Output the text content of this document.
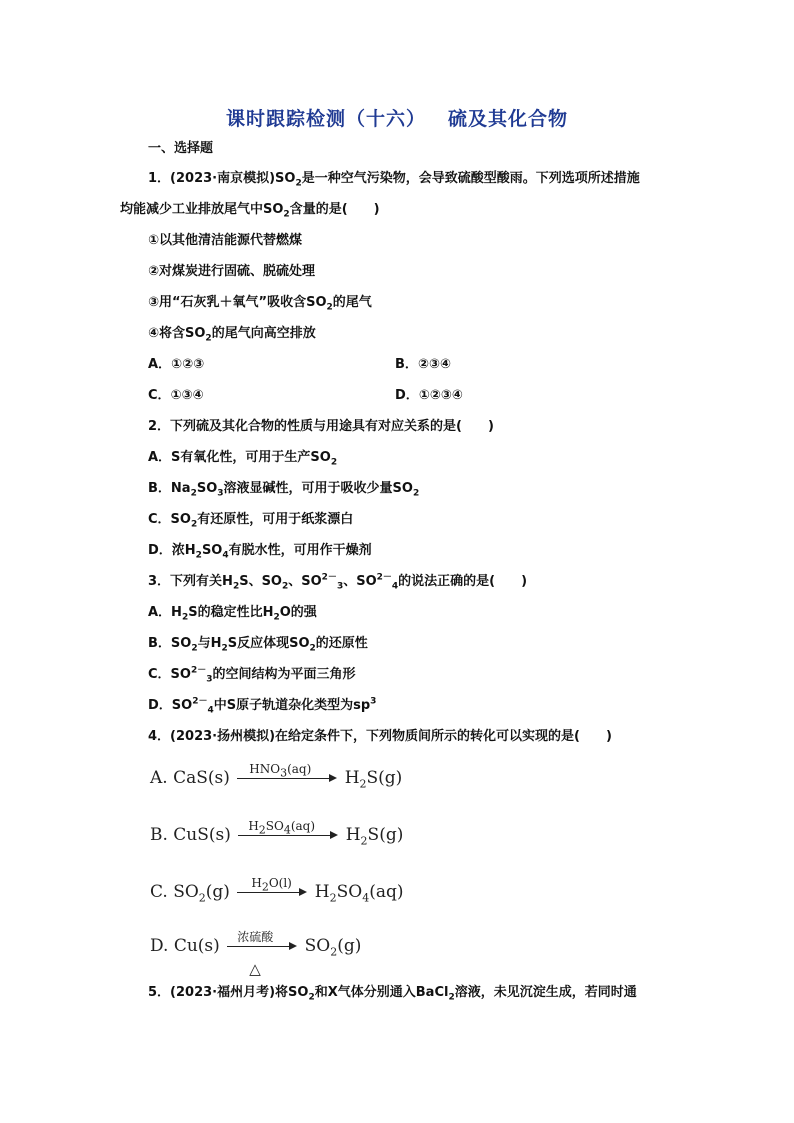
课时跟踪检测（十六） 硫及其化合物
一、选择题
1．(2023·南京模拟)$SO_2$是一种空气污染物，会导致硫酸型酸雨。下列选项所述措施
均能减少工业排放尾气中$SO_2$含量的是(　　)
①以其他清洁能源代替燃煤
②对煤炭进行固硫、脱硫处理
③用“石灰乳＋氧气”吸收含$SO_2$的尾气
④将含$SO_2$的尾气向高空排放
A．①②③	B．②③④
C．①③④	D．①②③④
2．下列硫及其化合物的性质与用途具有对应关系的是(　　)
A．S有氧化性，可用于生产$SO_2$
B．$Na_2SO_3$溶液显碱性，可用于吸收少量$SO_2$
C．$SO_2$有还原性，可用于纸浆漂白
D．浓$H_2SO_4$有脱水性，可用作干燥剂
3．下列有关$H_2S$、$SO_2$、$SO^{2-}_3$、$SO^{2-}_4$的说法正确的是(　　)
A．$H_2S$的稳定性比$H_2O$的强
B．$SO_2$与$H_2S$反应体现$SO_2$的还原性
C．$SO^{2-}_3$的空间结构为平面三角形
D．$SO^{2-}_4$中S原子轨道杂化类型为$sp^3$
4．(2023·扬州模拟)在给定条件下，下列物质间所示的转化可以实现的是(　　)
A. CaS(s) $HNO_3(aq)$ $H_2S(g)$
B. CuS(s) $H_2SO_4(aq)$ $H_2S(g)$
C. $SO_2(g)$ $H_2O(l)$ $H_2SO_4(aq)$
D. Cu(s) 浓硫酸
△
$SO_2(g)$
5．(2023·福州月考)将$SO_2$和X气体分别通入BaCl$_2$溶液，未见沉淀生成，若同时通
